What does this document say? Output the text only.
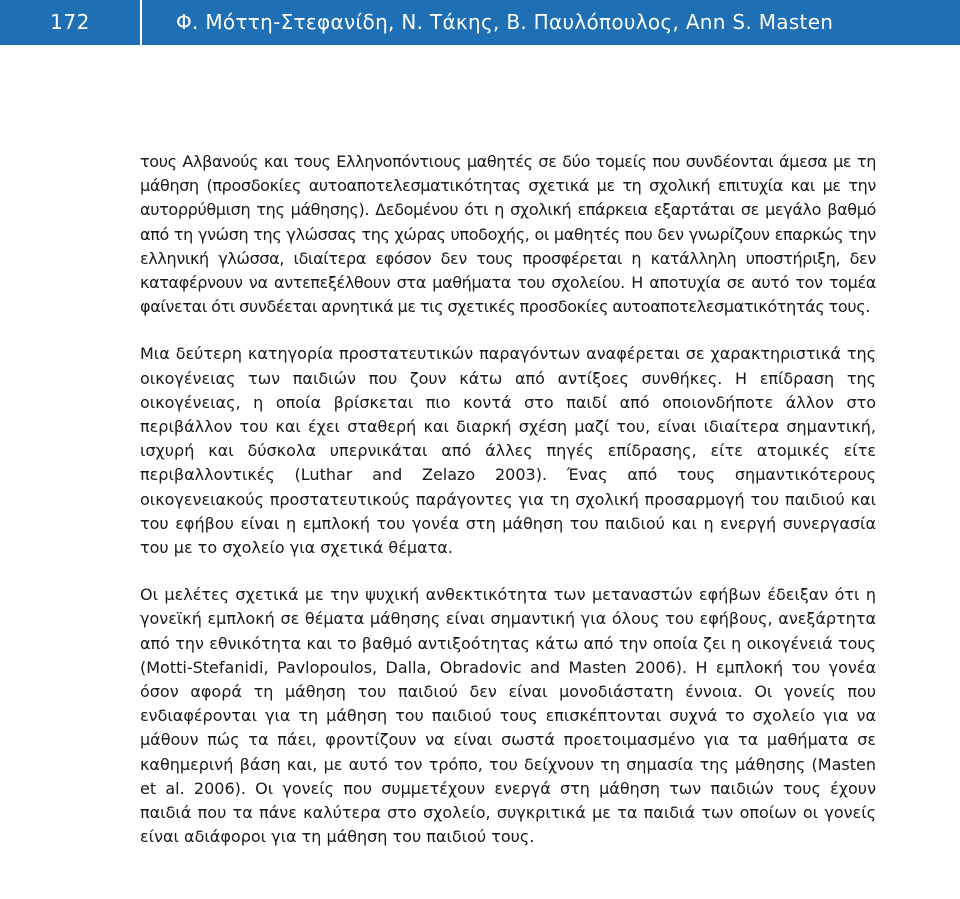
172	Φ. Μόττη-Στεφανίδη, Ν. Τάκης, Β. Παυλόπουλος, Ann S. Masten

τους Αλβανούς και τους Ελληνοπόντιους μαθητές σε δύο τομείς που συνδέονται άμεσα με τη μάθηση (προσδοκίες αυτοαποτελεσματικότητας σχετικά με τη σχολική επιτυχία και με την αυτορρύθμιση της μάθησης). Δεδομένου ότι η σχολική επάρκεια εξαρτάται σε μεγάλο βαθμό από τη γνώση της γλώσσας της χώρας υποδοχής, οι μαθητές που δεν γνωρίζουν επαρκώς την ελληνική γλώσσα, ιδιαίτερα εφόσον δεν τους προσφέρεται η κατάλληλη υποστήριξη, δεν καταφέρνουν να αντεπεξέλθουν στα μαθήματα του σχολείου. Η αποτυχία σε αυτό τον τομέα φαίνεται ότι συνδέεται αρνητικά με τις σχετικές προσδοκίες αυτοαποτελεσματικότητάς τους.

Μια δεύτερη κατηγορία προστατευτικών παραγόντων αναφέρεται σε χαρακτηριστικά της οικογένειας των παιδιών που ζουν κάτω από αντίξοες συνθήκες. Η επίδραση της οικογένειας, η οποία βρίσκεται πιο κοντά στο παιδί από οποιονδήποτε άλλον στο περιβάλλον του και έχει σταθερή και διαρκή σχέση μαζί του, είναι ιδιαίτερα σημαντική, ισχυρή και δύσκολα υπερνικάται από άλλες πηγές επίδρασης, είτε ατομικές είτε περιβαλλοντικές (Luthar and Zelazo 2003). Ένας από τους σημαντικότερους οικογενειακούς προστατευτικούς παράγοντες για τη σχολική προσαρμογή του παιδιού και του εφήβου είναι η εμπλοκή του γονέα στη μάθηση του παιδιού και η ενεργή συνεργασία του με το σχολείο για σχετικά θέματα.

Οι μελέτες σχετικά με την ψυχική ανθεκτικότητα των μεταναστών εφήβων έδειξαν ότι η γονεϊκή εμπλοκή σε θέματα μάθησης είναι σημαντική για όλους του εφήβους, ανεξάρτητα από την εθνικότητα και το βαθμό αντιξοότητας κάτω από την οποία ζει η οικογένειά τους (Motti-Stefanidi, Pavlopoulos, Dalla, Obradovic and Masten 2006). Η εμπλοκή του γονέα όσον αφορά τη μάθηση του παιδιού δεν είναι μονοδιάστατη έννοια. Οι γονείς που ενδιαφέρονται για τη μάθηση του παιδιού τους επισκέπτονται συχνά το σχολείο για να μάθουν πώς τα πάει, φροντίζουν να είναι σωστά προετοιμασμένο για τα μαθήματα σε καθημερινή βάση και, με αυτό τον τρόπο, του δείχνουν τη σημασία της μάθησης (Masten et al. 2006). Οι γονείς που συμμετέχουν ενεργά στη μάθηση των παιδιών τους έχουν παιδιά που τα πάνε καλύτερα στο σχολείο, συγκριτικά με τα παιδιά των οποίων οι γονείς είναι αδιάφοροι για τη μάθηση του παιδιού τους.
